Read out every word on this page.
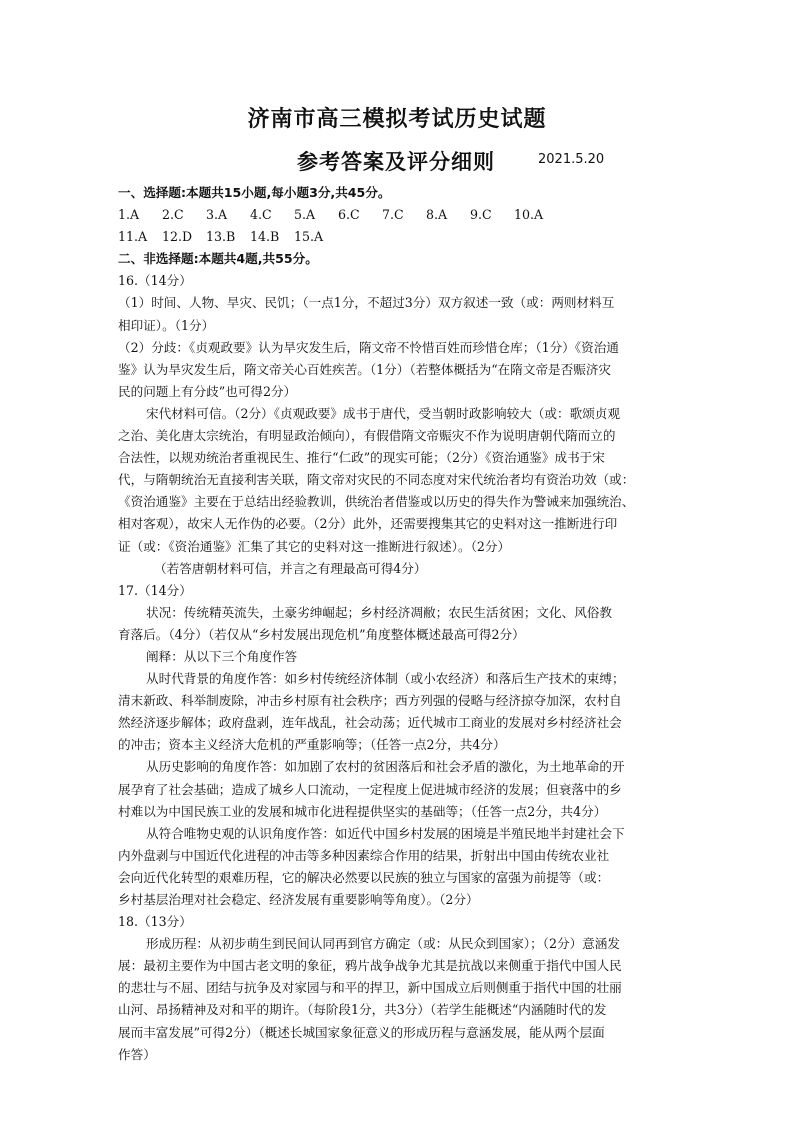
济南市高三模拟考试历史试题
参考答案及评分细则	2021.5.20
一、选择题:本题共15小题,每小题3分,共45分。
1.A 2.C 3.A 4.C 5.A 6.C 7.C 8.A 9.C 10.A
11.A 12.D 13.B 14.B 15.A
二、非选择题:本题共4题,共55分。
16.（14分）
（1）时间、人物、旱灾、民饥；（一点1分，不超过3分）双方叙述一致（或：两则材料互
相印证）。（1分）
（2）分歧：《贞观政要》认为旱灾发生后，隋文帝不怜惜百姓而珍惜仓库；（1分）《资治通
鉴》认为旱灾发生后，隋文帝关心百姓疾苦。（1分）（若整体概括为“在隋文帝是否赈济灾
民的问题上有分歧”也可得2分）
宋代材料可信。（2分）《贞观政要》成书于唐代，受当朝时政影响较大（或：歌颂贞观
之治、美化唐太宗统治，有明显政治倾向），有假借隋文帝赈灾不作为说明唐朝代隋而立的
合法性，以规劝统治者重视民生、推行“仁政”的现实可能；（2分）《资治通鉴》成书于宋
代，与隋朝统治无直接利害关联，隋文帝对灾民的不同态度对宋代统治者均有资治功效（或：
《资治通鉴》主要在于总结出经验教训，供统治者借鉴或以历史的得失作为警诫来加强统治、
相对客观），故宋人无作伪的必要。（2分）此外，还需要搜集其它的史料对这一推断进行印
证（或：《资治通鉴》汇集了其它的史料对这一推断进行叙述）。（2分）
（若答唐朝材料可信，并言之有理最高可得4分）
17.（14分）
状况：传统精英流失，土豪劣绅崛起；乡村经济凋敝；农民生活贫困；文化、风俗教
育落后。（4分）（若仅从“乡村发展出现危机”角度整体概述最高可得2分）
阐释：从以下三个角度作答
从时代背景的角度作答：如乡村传统经济体制（或小农经济）和落后生产技术的束缚；
清末新政、科举制废除，冲击乡村原有社会秩序；西方列强的侵略与经济掠夺加深，农村自
然经济逐步解体；政府盘剥，连年战乱，社会动荡；近代城市工商业的发展对乡村经济社会
的冲击；资本主义经济大危机的严重影响等；（任答一点2分，共4分）
从历史影响的角度作答：如加剧了农村的贫困落后和社会矛盾的激化，为土地革命的开
展孕育了社会基础；造成了城乡人口流动，一定程度上促进城市经济的发展；但衰落中的乡
村难以为中国民族工业的发展和城市化进程提供坚实的基础等；（任答一点2分，共4分）
从符合唯物史观的认识角度作答：如近代中国乡村发展的困境是半殖民地半封建社会下
内外盘剥与中国近代化进程的冲击等多种因素综合作用的结果，折射出中国由传统农业社
会向近代化转型的艰难历程，它的解决必然要以民族的独立与国家的富强为前提等（或：
乡村基层治理对社会稳定、经济发展有重要影响等角度）。（2分）
18.（13分）
形成历程：从初步萌生到民间认同再到官方确定（或：从民众到国家）；（2分）意涵发
展：最初主要作为中国古老文明的象征，鸦片战争战争尤其是抗战以来侧重于指代中国人民
的悲壮与不屈、团结与抗争及对家园与和平的捍卫，新中国成立后则侧重于指代中国的壮丽
山河、昂扬精神及对和平的期许。（每阶段1分，共3分）（若学生能概述“内涵随时代的发
展而丰富发展”可得2分）（概述长城国家象征意义的形成历程与意涵发展，能从两个层面
作答）
